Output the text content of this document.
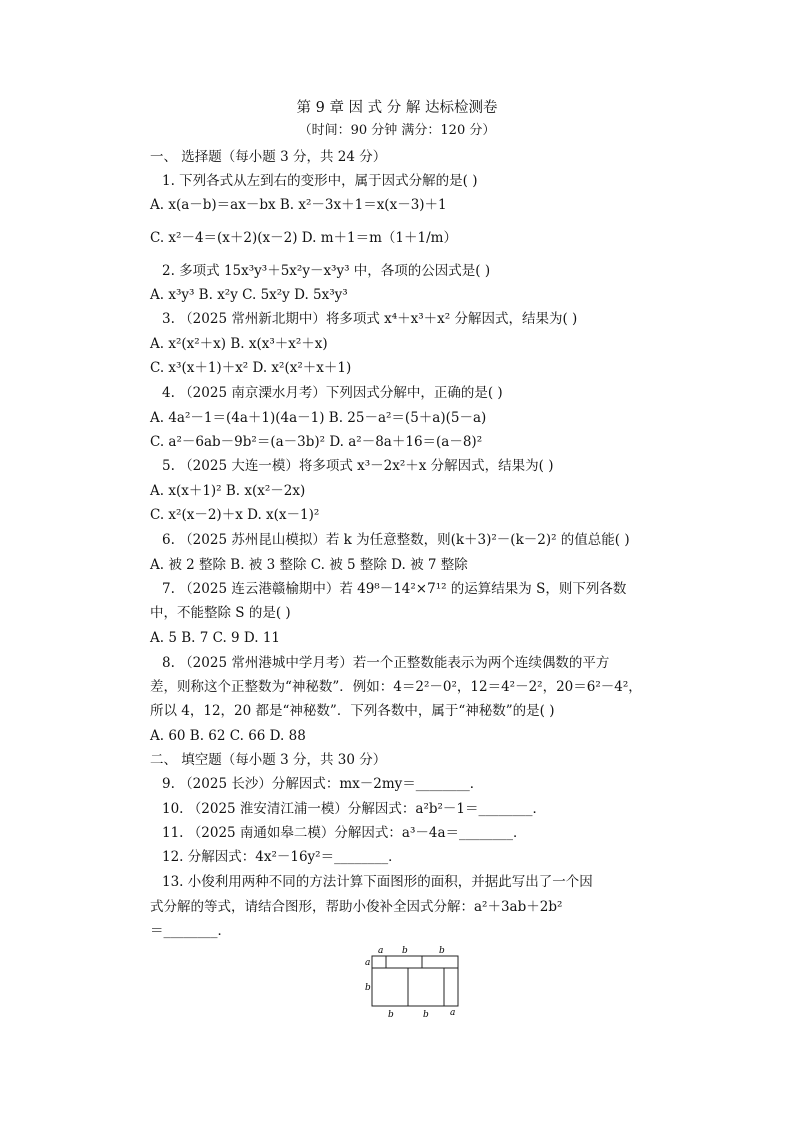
第 9 章 因 式 分 解 达标检测卷
（时间：90 分钟 满分：120 分）
一、 选择题（每小题 3 分，共 24 分）
1. 下列各式从左到右的变形中，属于因式分解的是( )
A. x(a－b)＝ax－bx B. x²－3x＋1＝x(x－3)＋1
C. x²－4＝(x＋2)(x－2) D. m＋1＝m（1＋1/m）
2. 多项式 15x³y³＋5x²y－x³y³ 中，各项的公因式是( )
A. x³y³ B. x²y C. 5x²y D. 5x³y³
3. （2025 常州新北期中）将多项式 x⁴＋x³＋x² 分解因式，结果为( )
A. x²(x²＋x) B. x(x³＋x²＋x)
C. x³(x＋1)＋x² D. x²(x²＋x＋1)
4. （2025 南京溧水月考）下列因式分解中，正确的是( )
A. 4a²－1＝(4a＋1)(4a－1) B. 25－a²＝(5＋a)(5－a)
C. a²－6ab－9b²＝(a－3b)² D. a²－8a＋16＝(a－8)²
5. （2025 大连一模）将多项式 x³－2x²＋x 分解因式，结果为( )
A. x(x＋1)² B. x(x²－2x)
C. x²(x－2)＋x D. x(x－1)²
6. （2025 苏州昆山模拟）若 k 为任意整数，则(k＋3)²－(k－2)² 的值总能( )
A. 被 2 整除 B. 被 3 整除 C. 被 5 整除 D. 被 7 整除
7. （2025 连云港赣榆期中）若 49⁸－14²×7¹² 的运算结果为 S，则下列各数
中，不能整除 S 的是( )
A. 5 B. 7 C. 9 D. 11
8. （2025 常州港城中学月考）若一个正整数能表示为两个连续偶数的平方
差，则称这个正整数为“神秘数”．例如：4＝2²－0²，12＝4²－2²，20＝6²－4²，
所以 4，12，20 都是“神秘数”．下列各数中，属于“神秘数”的是( )
A. 60 B. 62 C. 66 D. 88
二、 填空题（每小题 3 分，共 30 分）
9. （2025 长沙）分解因式：mx－2my＝________．
10. （2025 淮安清江浦一模）分解因式：a²b²－1＝________．
11. （2025 南通如皋二模）分解因式：a³－4a＝________．
12. 分解因式：4x²－16y²＝________．
13. 小俊利用两种不同的方法计算下面图形的面积，并据此写出了一个因
式分解的等式，请结合图形，帮助小俊补全因式分解：a²＋3ab＋2b²
＝________．
a b	b
a
b
b	b a
